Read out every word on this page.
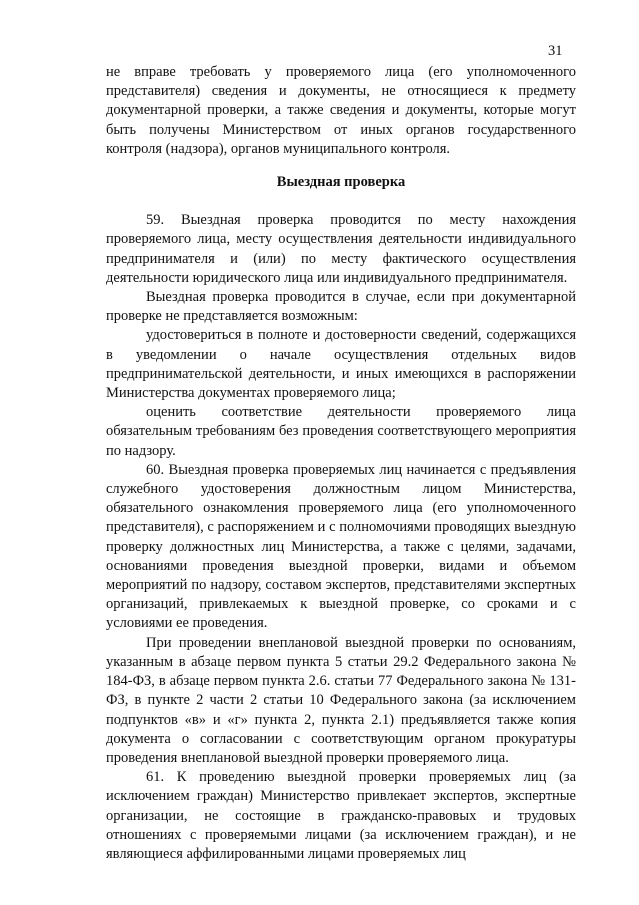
31

не вправе требовать у проверяемого лица (его уполномоченного представителя) сведения и документы, не относящиеся к предмету документарной проверки, а также сведения и документы, которые могут быть получены Министерством от иных органов государственного контроля (надзора), органов муниципального контроля.

Выездная проверка

59. Выездная проверка проводится по месту нахождения проверяемого лица, месту осуществления деятельности индивидуального предпринимателя и (или) по месту фактического осуществления деятельности юридического лица или индивидуального предпринимателя.

Выездная проверка проводится в случае, если при документарной проверке не представляется возможным:

удостовериться в полноте и достоверности сведений, содержащихся в уведомлении о начале осуществления отдельных видов предпринимательской деятельности, и иных имеющихся в распоряжении Министерства документах проверяемого лица;

оценить соответствие деятельности проверяемого лица обязательным требованиям без проведения соответствующего мероприятия по надзору.

60. Выездная проверка проверяемых лиц начинается с предъявления служебного удостоверения должностным лицом Министерства, обязательного ознакомления проверяемого лица (его уполномоченного представителя), с распоряжением и с полномочиями проводящих выездную проверку должностных лиц Министерства, а также с целями, задачами, основаниями проведения выездной проверки, видами и объемом мероприятий по надзору, составом экспертов, представителями экспертных организаций, привлекаемых к выездной проверке, со сроками и с условиями ее проведения.

При проведении внеплановой выездной проверки по основаниям, указанным в абзаце первом пункта 5 статьи 29.2 Федерального закона № 184-ФЗ, в абзаце первом пункта 2.6. статьи 77 Федерального закона № 131-ФЗ, в пункте 2 части 2 статьи 10 Федерального закона (за исключением подпунктов «в» и «г» пункта 2, пункта 2.1) предъявляется также копия документа о согласовании с соответствующим органом прокуратуры проведения внеплановой выездной проверки проверяемого лица.

61. К проведению выездной проверки проверяемых лиц (за исключением граждан) Министерство привлекает экспертов, экспертные организации, не состоящие в гражданско-правовых и трудовых отношениях с проверяемыми лицами (за исключением граждан), и не являющиеся аффилированными лицами проверяемых лиц
